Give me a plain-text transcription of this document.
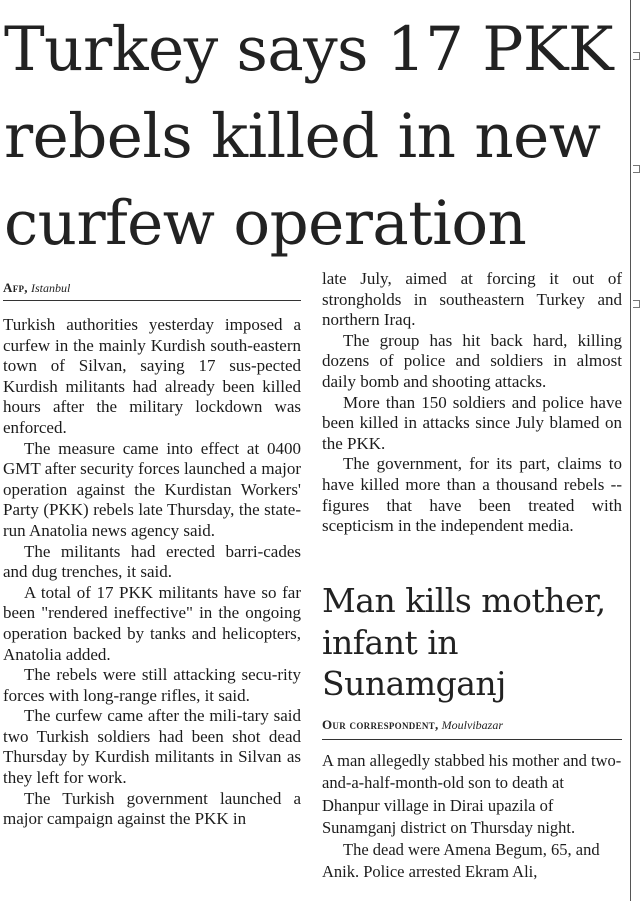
Turkey says 17 PKK rebels killed in new curfew operation
Afp, Istanbul

Turkish authorities yesterday imposed a curfew in the mainly Kurdish south-eastern town of Silvan, saying 17 sus-pected Kurdish militants had already been killed hours after the military lockdown was enforced.

The measure came into effect at 0400 GMT after security forces launched a major operation against the Kurdistan Workers' Party (PKK) rebels late Thursday, the state-run Anatolia news agency said.

The militants had erected barri-cades and dug trenches, it said.

A total of 17 PKK militants have so far been "rendered ineffective" in the ongoing operation backed by tanks and helicopters, Anatolia added.

The rebels were still attacking secu-rity forces with long-range rifles, it said.

The curfew came after the mili-tary said two Turkish soldiers had been shot dead Thursday by Kurdish militants in Silvan as they left for work.

The Turkish government launched a major campaign against the PKK in

late July, aimed at forcing it out of strongholds in southeastern Turkey and northern Iraq.

The group has hit back hard, killing dozens of police and soldiers in almost daily bomb and shooting attacks.

More than 150 soldiers and police have been killed in attacks since July blamed on the PKK.

The government, for its part, claims to have killed more than a thousand rebels -- figures that have been treated with scepticism in the independent media.

Man kills mother, infant in Sunamganj
Our correspondent, Moulvibazar

A man allegedly stabbed his mother and two-and-a-half-month-old son to death at Dhanpur village in Dirai upazila of Sunamganj district on Thursday night.

The dead were Amena Begum, 65, and Anik. Police arrested Ekram Ali,
